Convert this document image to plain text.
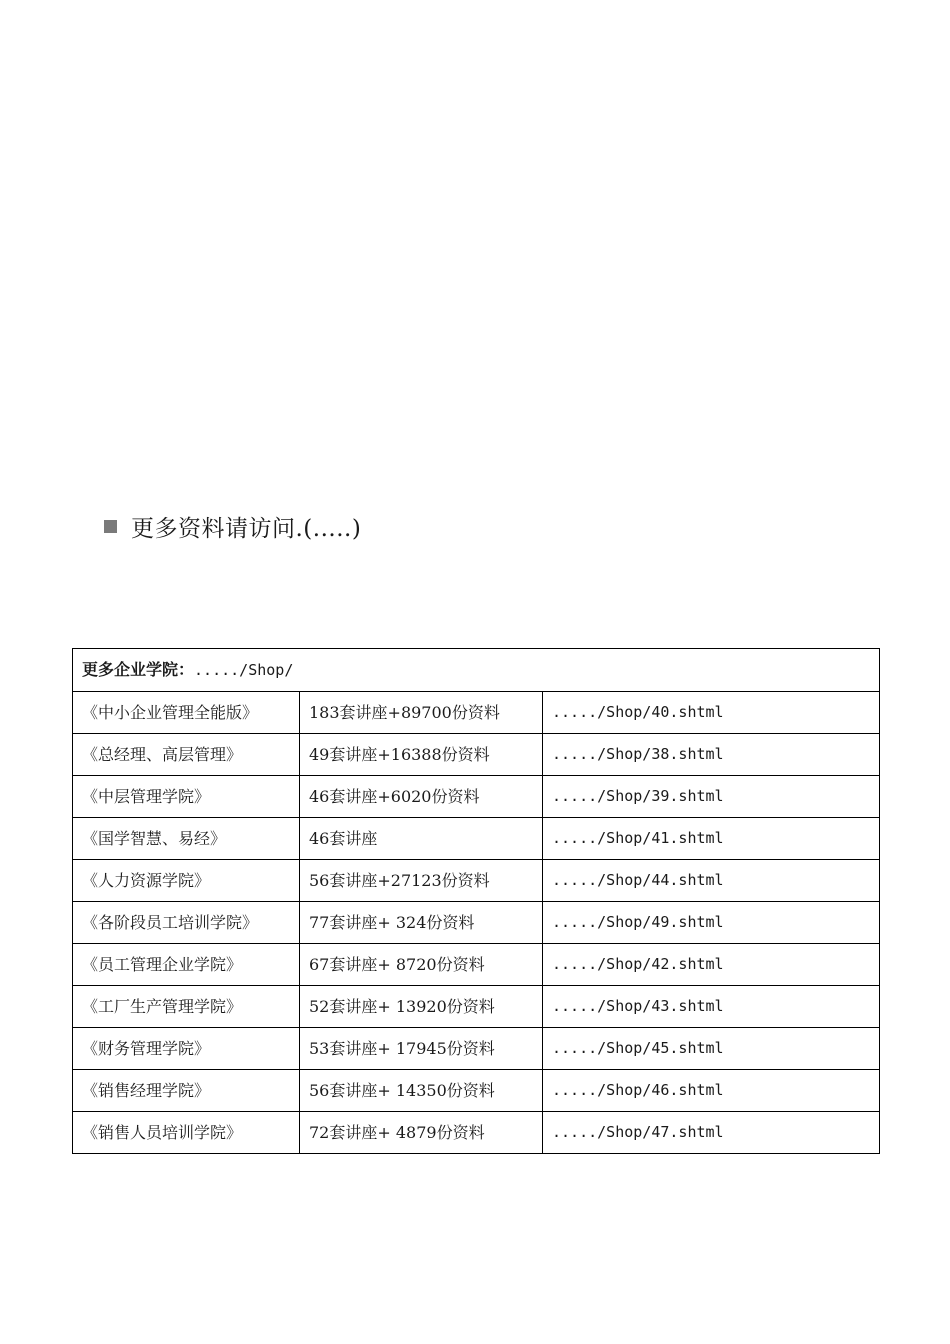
更多资料请访问.(.....)
更多企业学院：...../Shop/		
《中小企业管理全能版》	183套讲座+89700份资料	...../Shop/40.shtml
《总经理、高层管理》	49套讲座+16388份资料	...../Shop/38.shtml
《中层管理学院》	46套讲座+6020份资料	...../Shop/39.shtml
《国学智慧、易经》	46套讲座	...../Shop/41.shtml
《人力资源学院》	56套讲座+27123份资料	...../Shop/44.shtml
《各阶段员工培训学院》	77套讲座+ 324份资料	...../Shop/49.shtml
《员工管理企业学院》	67套讲座+ 8720份资料	...../Shop/42.shtml
《工厂生产管理学院》	52套讲座+ 13920份资料	...../Shop/43.shtml
《财务管理学院》	53套讲座+ 17945份资料	...../Shop/45.shtml
《销售经理学院》	56套讲座+ 14350份资料	...../Shop/46.shtml
《销售人员培训学院》	72套讲座+ 4879份资料	...../Shop/47.shtml
